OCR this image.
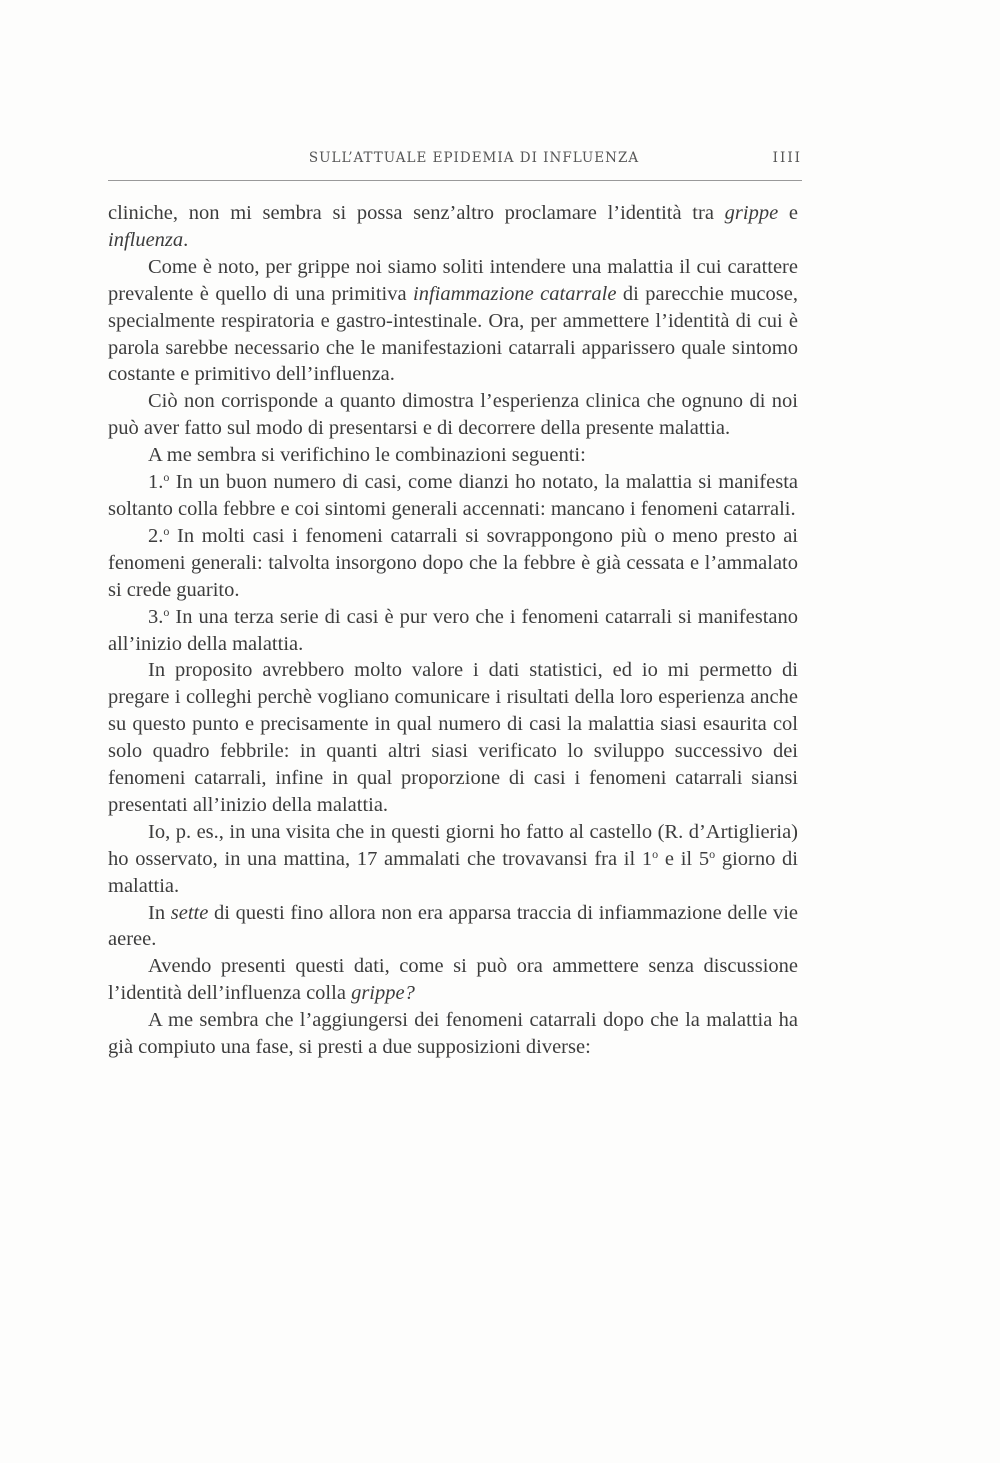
SULL’ATTUALE EPIDEMIA DI INFLUENZA	IIII

cliniche, non mi sembra si possa senz’altro proclamare l’identità tra grippe e influenza.

Come è noto, per grippe noi siamo soliti intendere una malattia il cui carattere prevalente è quello di una primitiva infiammazione catarrale di parecchie mucose, specialmente respiratoria e gastro-intestinale. Ora, per ammettere l’identità di cui è parola sarebbe necessario che le manifestazioni catarrali apparissero quale sintomo costante e primitivo dell’influenza.

Ciò non corrisponde a quanto dimostra l’esperienza clinica che ognuno di noi può aver fatto sul modo di presentarsi e di decorrere della presente malattia.

A me sembra si verifichino le combinazioni seguenti:

1.$^o$ In un buon numero di casi, come dianzi ho notato, la malattia si manifesta soltanto colla febbre e coi sintomi generali accennati: mancano i fenomeni catarrali.

2.$^o$ In molti casi i fenomeni catarrali si sovrappongono più o meno presto ai fenomeni generali: talvolta insorgono dopo che la febbre è già cessata e l’ammalato si crede guarito.

3.$^o$ In una terza serie di casi è pur vero che i fenomeni catarrali si manifestano all’inizio della malattia.

In proposito avrebbero molto valore i dati statistici, ed io mi permetto di pregare i colleghi perchè vogliano comunicare i risultati della loro esperienza anche su questo punto e precisamente in qual numero di casi la malattia siasi esaurita col solo quadro febbrile: in quanti altri siasi verificato lo sviluppo successivo dei fenomeni catarrali, infine in qual proporzione di casi i fenomeni catarrali siansi presentati all’inizio della malattia.

Io, p. es., in una visita che in questi giorni ho fatto al castello (R. d’Artiglieria) ho osservato, in una mattina, 17 ammalati che trovavansi fra il 1$^o$ e il 5$^o$ giorno di malattia.

In sette di questi fino allora non era apparsa traccia di infiammazione delle vie aeree.

Avendo presenti questi dati, come si può ora ammettere senza discussione l’identità dell’influenza colla grippe?

A me sembra che l’aggiungersi dei fenomeni catarrali dopo che la malattia ha già compiuto una fase, si presti a due supposizioni diverse:
